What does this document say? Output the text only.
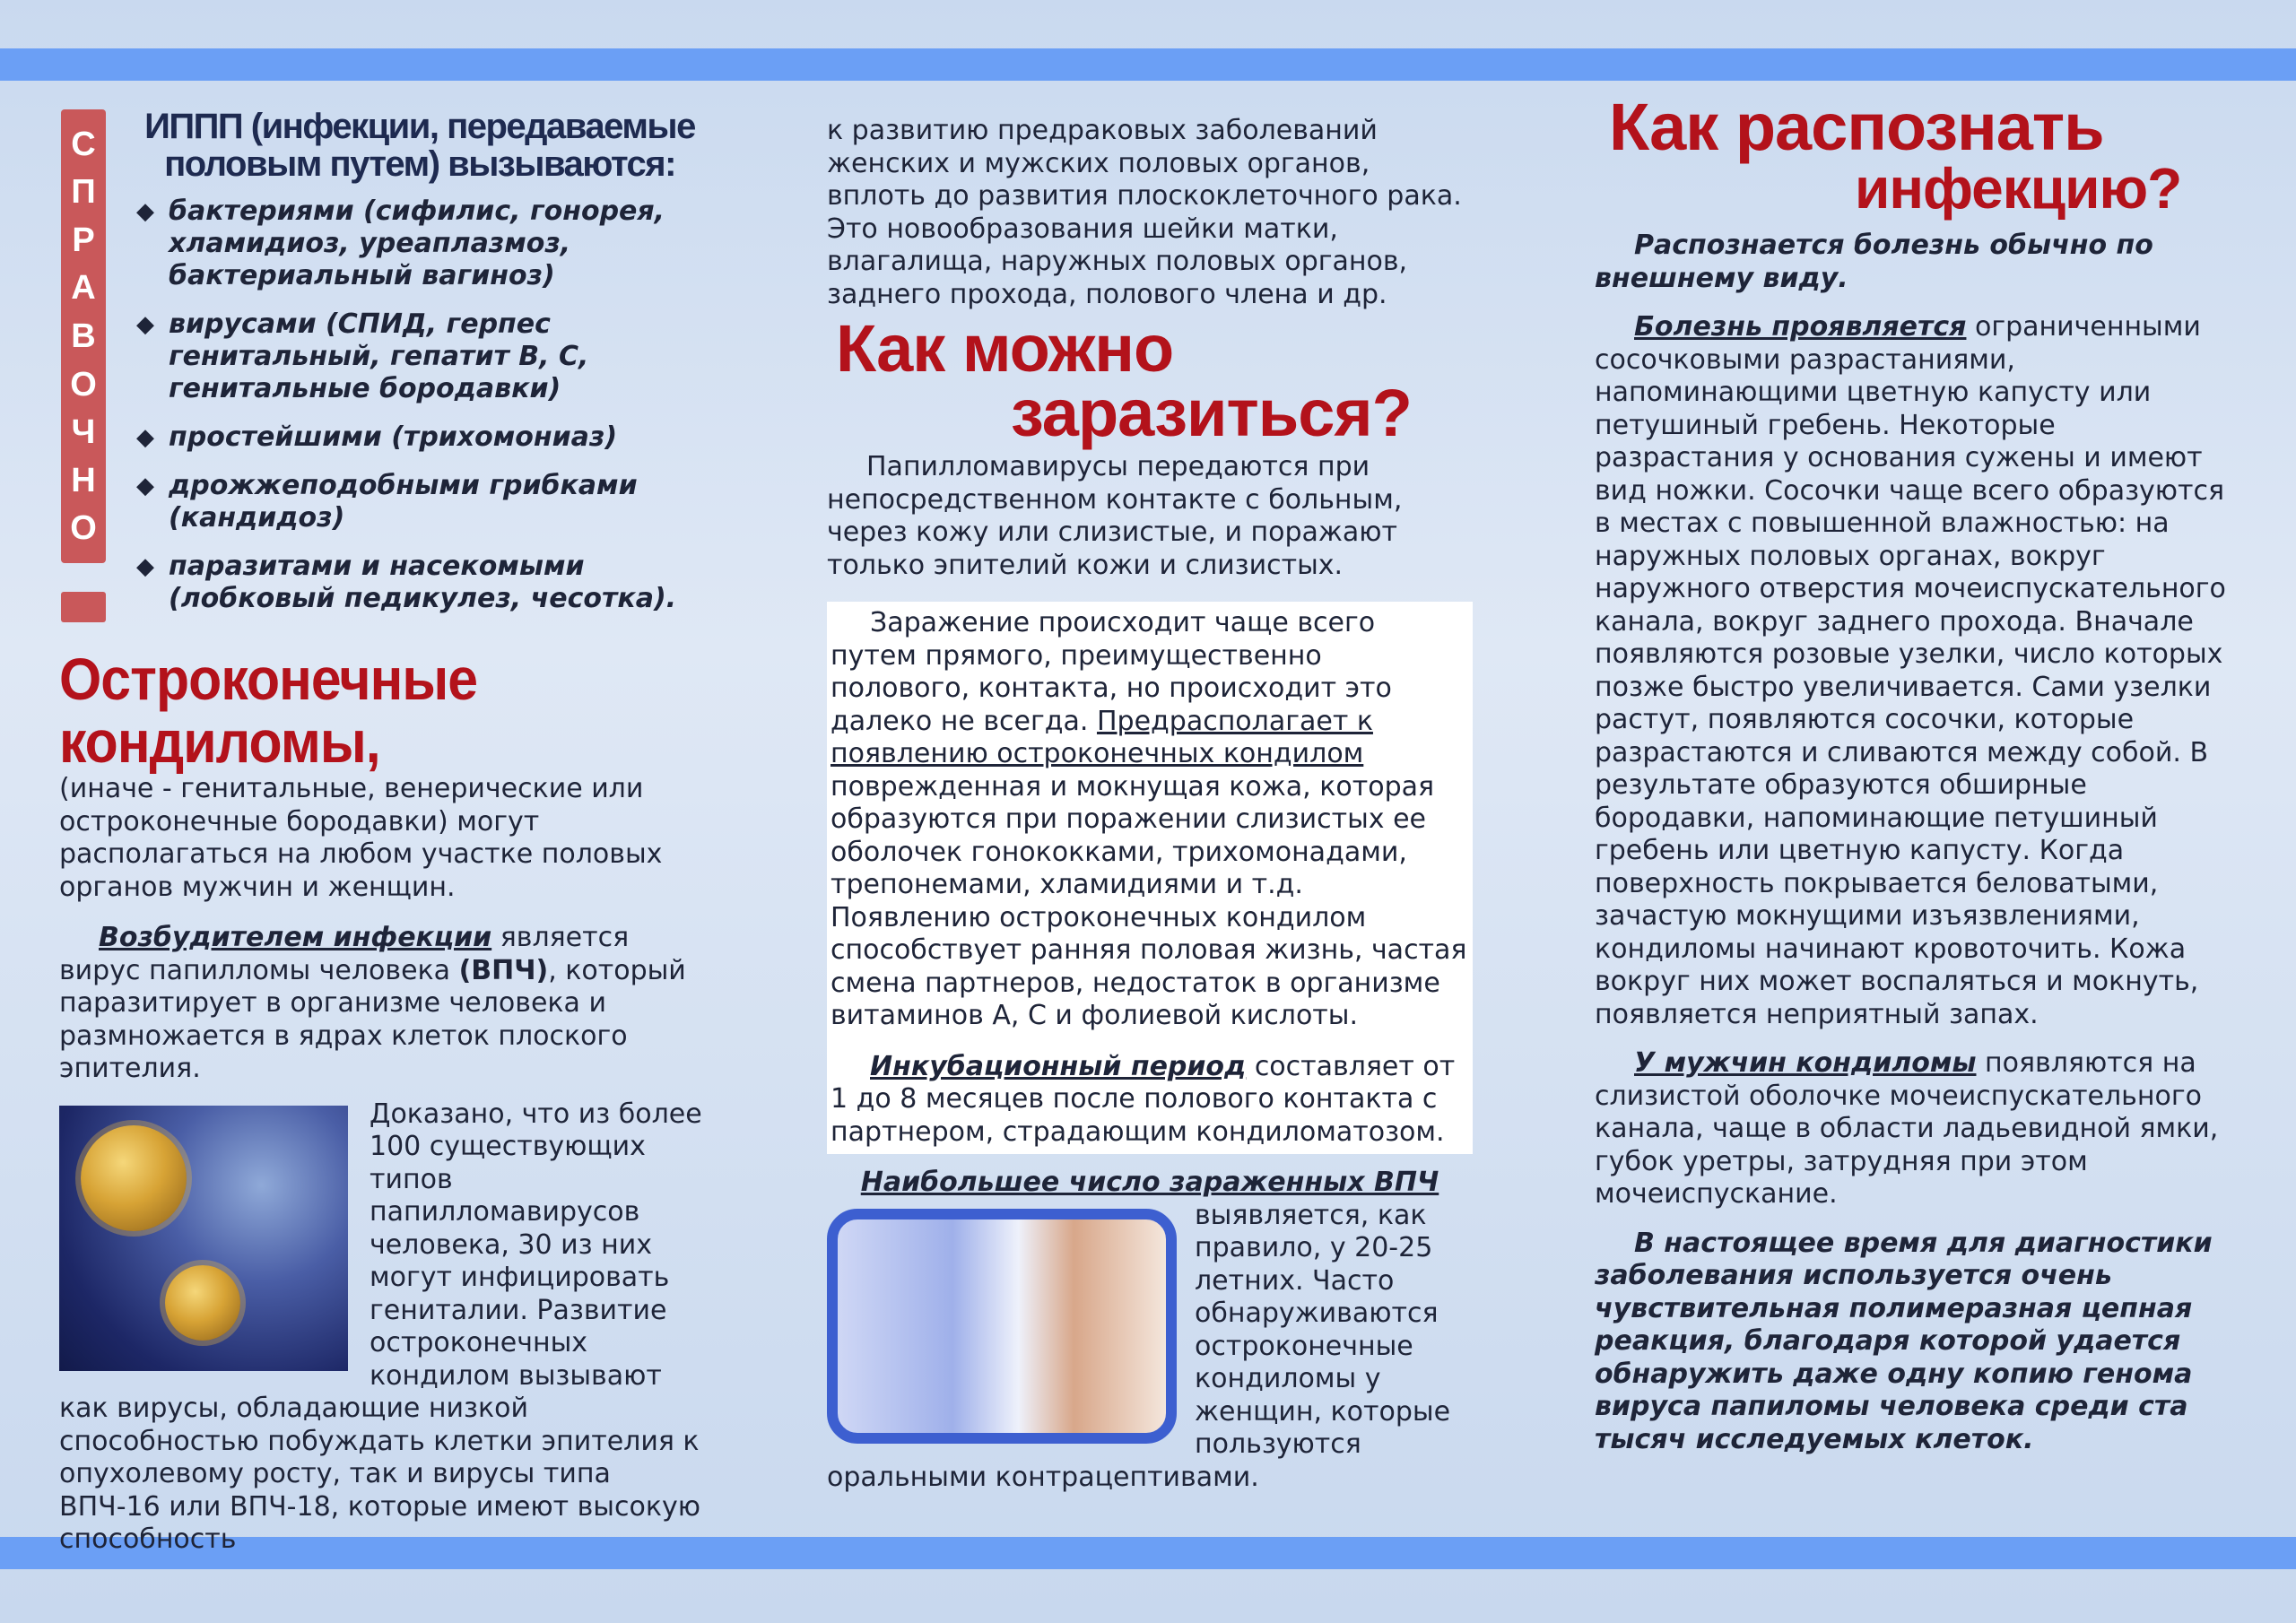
С
П
Р
А
В
О
Ч
Н
О
ИППП (инфекции, передаваемые половым путем) вызываются:
◆ бактериями (сифилис, гонорея, хламидиоз, уреаплазмоз, бактериальный вагиноз)
◆ вирусами (СПИД, герпес генитальный, гепатит В, С, генитальные бородавки)
◆ простейшими (трихомониаз)
◆ дрожжеподобными грибками (кандидоз)
◆ паразитами и насекомыми (лобковый педикулез, чесотка).
Остроконечные кондиломы,

(иначе - генитальные, венерические или остроконечные бородавки) могут располагаться на любом участке половых органов мужчин и женщин.

Возбудителем инфекции является вирус папилломы человека (ВПЧ), который паразитирует в организме человека и размножается в ядрах клеток плоского эпителия.

Доказано, что из более 100 существующих типов папилломавирусов человека, 30 из них могут инфицировать гениталии. Развитие остроконечных кондилом вызывают как вирусы, обладающие низкой способностью побуждать клетки эпителия к опухолевому росту, так и вирусы типа ВПЧ-16 или ВПЧ-18, которые имеют высокую способность

к развитию предраковых заболеваний женских и мужских половых органов, вплоть до развития плоскоклеточного рака. Это новообразования шейки матки, влагалища, наружных половых органов, заднего прохода, полового члена и др.

Как можно
заразиться?

Папилломавирусы передаются при непосредственном контакте с больным, через кожу или слизистые, и поражают только эпителий кожи и слизистых.

Заражение происходит чаще всего путем прямого, преимущественно полового, контакта, но происходит это далеко не всегда. Предрасполагает к появлению остроконечных кондилом поврежденная и мокнущая кожа, которая образуются при поражении слизистых ее оболочек гонококками, трихомонадами, трепонемами, хламидиями и т.д. Появлению остроконечных кондилом способствует ранняя половая жизнь, частая смена партнеров, недостаток в организме витаминов А, С и фолиевой кислоты.

Инкубационный период составляет от 1 до 8 месяцев после полового контакта с партнером, страдающим кондиломатозом.

Наибольшее число зараженных ВПЧ

выявляется, как правило, у 20-25 летних. Часто обнаруживаются остроконечные кондиломы у женщин, которые пользуются оральными контрацептивами.

Как распознать
инфекцию?

Распознается болезнь обычно по внешнему виду.

Болезнь проявляется ограниченными сосочковыми разрастаниями, напоминающими цветную капусту или петушиный гребень. Некоторые разрастания у основания сужены и имеют вид ножки. Сосочки чаще всего образуются в местах с повышенной влажностью: на наружных половых органах, вокруг наружного отверстия мочеиспускательного канала, вокруг заднего прохода. Вначале появляются розовые узелки, число которых позже быстро увеличивается. Сами узелки растут, появляются сосочки, которые разрастаются и сливаются между собой. В результате образуются обширные бородавки, напоминающие петушиный гребень или цветную капусту. Когда поверхность покрывается беловатыми, зачастую мокнущими изъязвлениями, кондиломы начинают кровоточить. Кожа вокруг них может воспаляться и мокнуть, появляется неприятный запах.

У мужчин кондиломы появляются на слизистой оболочке мочеиспускательного канала, чаще в области ладьевидной ямки, губок уретры, затрудняя при этом мочеиспускание.

В настоящее время для диагностики заболевания используется очень чувствительная полимеразная цепная реакция, благодаря которой удается обнаружить даже одну копию генома вируса папиломы человека среди ста тысяч исследуемых клеток.
